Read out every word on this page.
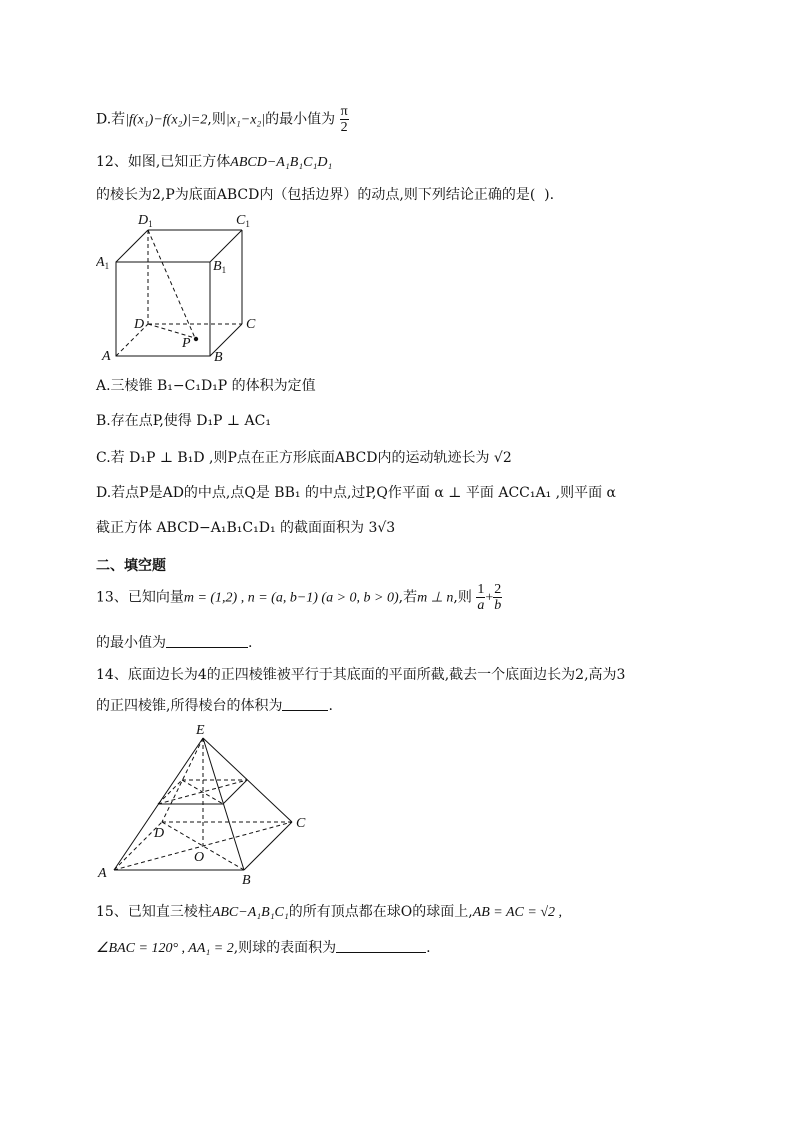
D.若|f(x₁)−f(x₂)|=2,则|x₁−x₂|的最小值为 $\frac{\pi}{2}$
12、如图,已知正方体ABCD−A₁B₁C₁D₁
的棱长为2,P为底面ABCD内（包括边界）的动点,则下列结论正确的是(  ).
$D_1$	$C_1$
$A_1$	$B_1$
D	C
A	B
P
A.三棱锥 B₁−C₁D₁P 的体积为定值
B.存在点P,使得 D₁P ⊥ AC₁
C.若 D₁P ⊥ B₁D ,则P点在正方形底面ABCD内的运动轨迹长为 √2
D.若点P是AD的中点,点Q是 BB₁ 的中点,过P,Q作平面 α ⊥ 平面 ACC₁A₁ ,则平面 α
截正方体 ABCD−A₁B₁C₁D₁ 的截面面积为 3√3
二、填空题
13、已知向量m = (1,2) , n = (a, b−1) (a > 0, b > 0),若m ⊥ n,则 $\frac{1}{a} + \frac{2}{b}$
的最小值为	.
14、底面边长为4的正四棱锥被平行于其底面的平面所截,截去一个底面边长为2,高为3
的正四棱锥,所得棱台的体积为	.
E
D
C
O
A	B
15、已知直三棱柱ABC−A₁B₁C₁的所有顶点都在球O的球面上,AB = AC = √2 ,
∠BAC = 120° , AA₁ = 2,则球的表面积为	.
